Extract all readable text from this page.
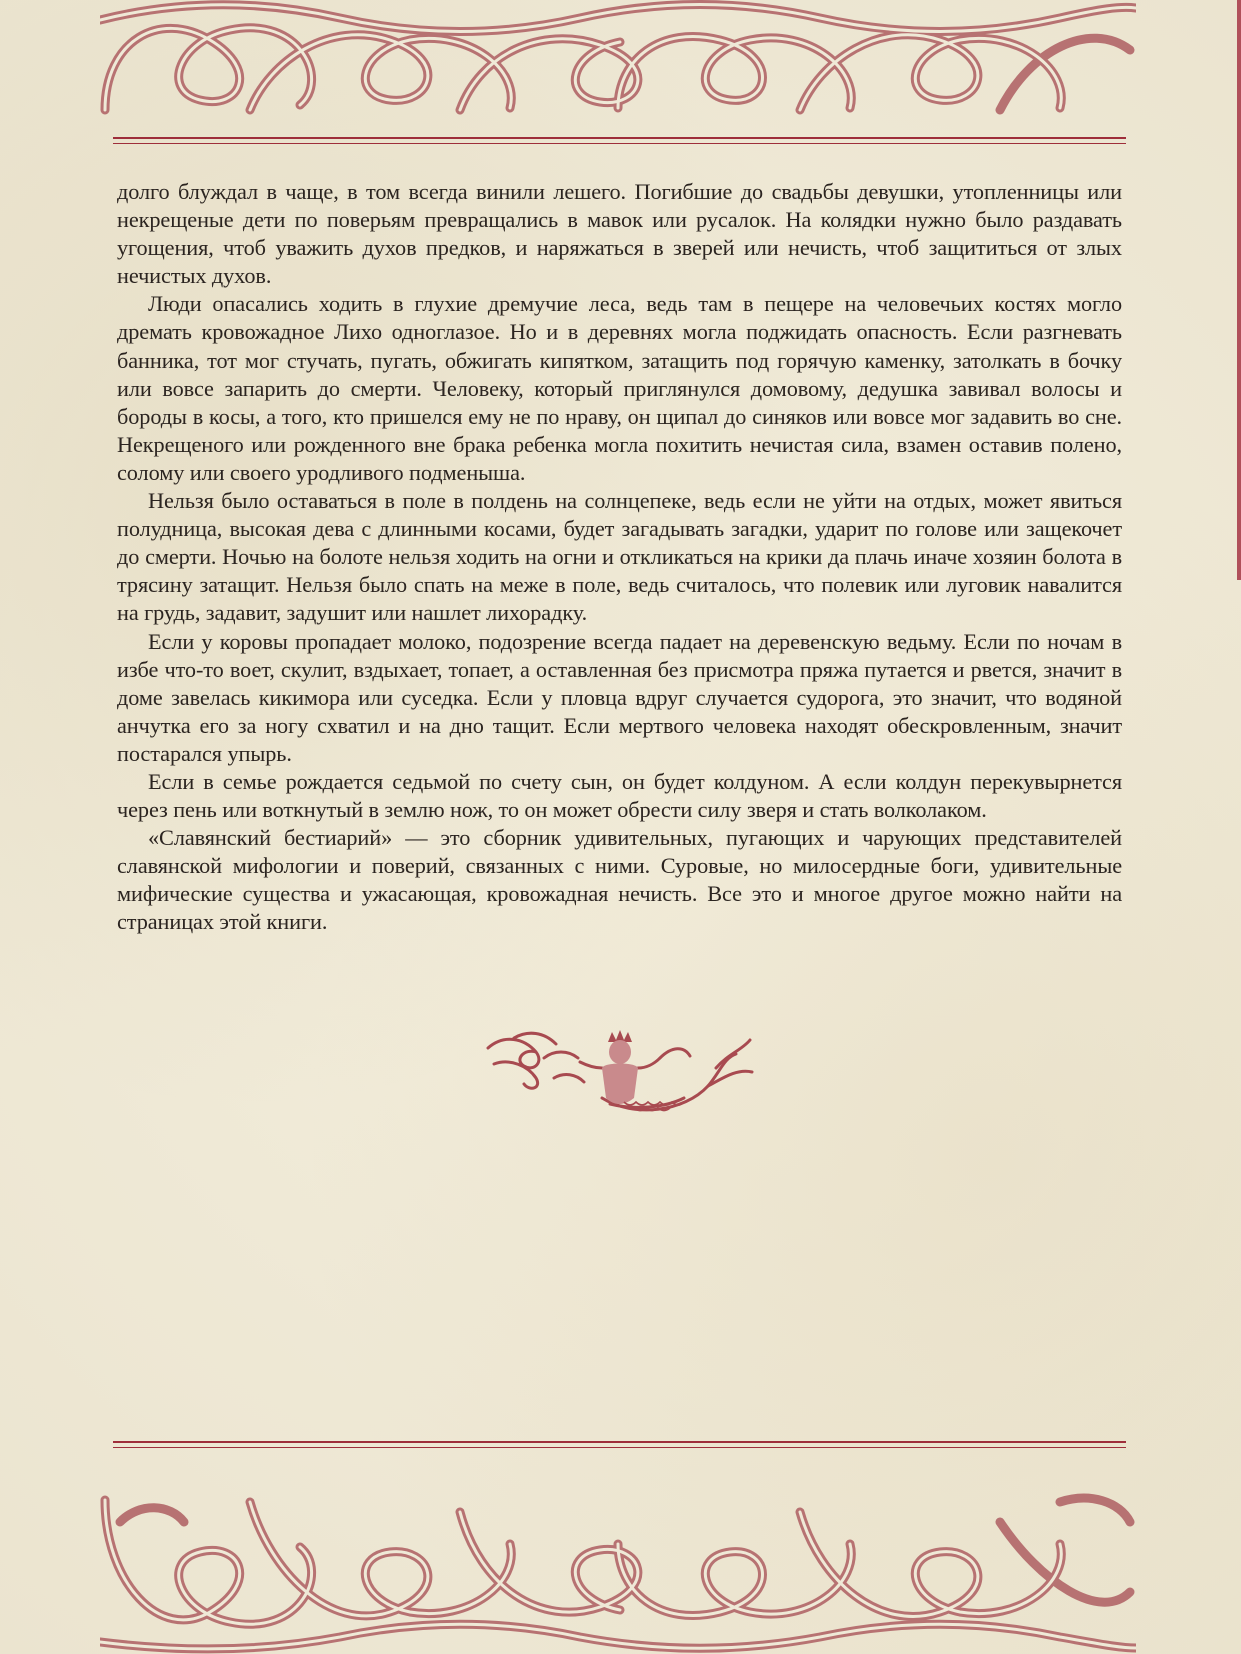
долго блуждал в чаще, в том всегда винили лешего. Погибшие до свадьбы девушки, утопленницы или некрещеные дети по поверьям превращались в мавок или русалок. На колядки нужно было раздавать угощения, чтоб уважить духов предков, и наряжаться в зверей или нечисть, чтоб защититься от злых нечистых духов.

Люди опасались ходить в глухие дремучие леса, ведь там в пещере на человечьих костях могло дремать кровожадное Лихо одноглазое. Но и в деревнях могла поджидать опасность. Если разгневать банника, тот мог стучать, пугать, обжигать кипятком, затащить под горячую каменку, затолкать в бочку или вовсе запарить до смерти. Человеку, который приглянулся домовому, дедушка завивал волосы и бороды в косы, а того, кто пришелся ему не по нраву, он щипал до синяков или вовсе мог задавить во сне. Некрещеного или рожденного вне брака ребенка могла похитить нечистая сила, взамен оставив полено, солому или своего уродливого подменыша.

Нельзя было оставаться в поле в полдень на солнцепеке, ведь если не уйти на отдых, может явиться полудница, высокая дева с длинными косами, будет загадывать загадки, ударит по голове или защекочет до смерти. Ночью на болоте нельзя ходить на огни и откликаться на крики да плачь иначе хозяин болота в трясину затащит. Нельзя было спать на меже в поле, ведь считалось, что полевик или луговик навалится на грудь, задавит, задушит или нашлет лихорадку.

Если у коровы пропадает молоко, подозрение всегда падает на деревенскую ведьму. Если по ночам в избе что-то воет, скулит, вздыхает, топает, а оставленная без присмотра пряжа путается и рвется, значит в доме завелась кикимора или суседка. Если у пловца вдруг случается судорога, это значит, что водяной анчутка его за ногу схватил и на дно тащит. Если мертвого человека находят обескровленным, значит постарался упырь.

Если в семье рождается седьмой по счету сын, он будет колдуном. А если колдун перекувырнется через пень или воткнутый в землю нож, то он может обрести силу зверя и стать волколаком.

«Славянский бестиарий» — это сборник удивительных, пугающих и чарующих представителей славянской мифологии и поверий, связанных с ними. Суровые, но милосердные боги, удивительные мифические существа и ужасающая, кровожадная нечисть. Все это и многое другое можно найти на страницах этой книги.
